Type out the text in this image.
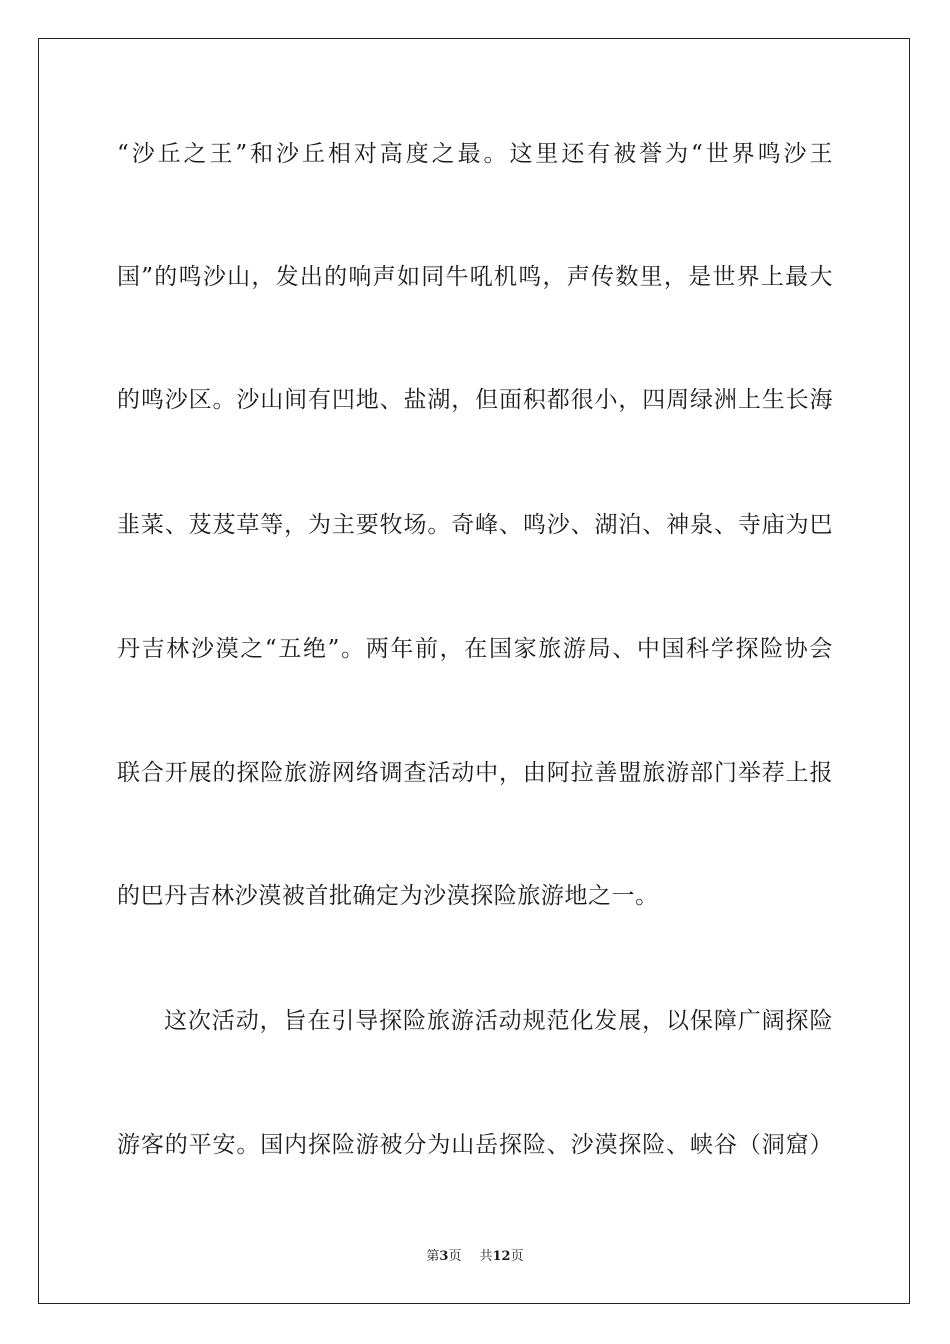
“沙丘之王”和沙丘相对高度之最。这里还有被誉为“世界鸣沙王
国”的鸣沙山，发出的响声如同牛吼机鸣，声传数里，是世界上最大
的鸣沙区。沙山间有凹地、盐湖，但面积都很小，四周绿洲上生长海
韭菜、芨芨草等，为主要牧场。奇峰、鸣沙、湖泊、神泉、寺庙为巴
丹吉林沙漠之“五绝”。两年前，在国家旅游局、中国科学探险协会
联合开展的探险旅游网络调查活动中，由阿拉善盟旅游部门举荐上报
的巴丹吉林沙漠被首批确定为沙漠探险旅游地之一。
这次活动，旨在引导探险旅游活动规范化发展，以保障广阔探险
游客的平安。国内探险游被分为山岳探险、沙漠探险、峡谷（洞窟）
第3页 共12页
